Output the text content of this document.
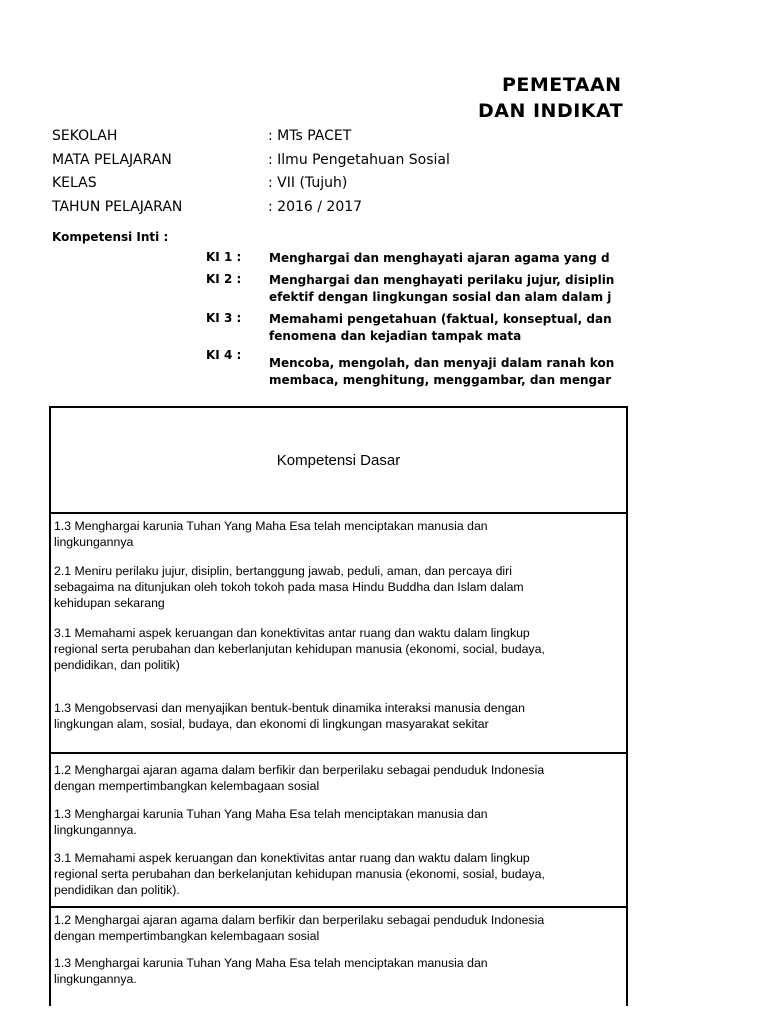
PEMETAAN
DAN INDIKAT
SEKOLAH	: MTs PACET
MATA PELAJARAN	: Ilmu Pengetahuan Sosial
KELAS	: VII (Tujuh)
TAHUN PELAJARAN	: 2016 / 2017
Kompetensi Inti :
KI 1 : Menghargai dan menghayati ajaran agama yang d
KI 2 : Menghargai dan menghayati perilaku jujur, disiplin
efektif dengan lingkungan sosial dan alam dalam j
KI 3 : Memahami pengetahuan (faktual, konseptual, dan
fenomena dan kejadian tampak mata
KI 4 :
Mencoba, mengolah, dan menyaji dalam ranah kon
membaca, menghitung, menggambar, dan mengar
Kompetensi Dasar
1.3 Menghargai karunia Tuhan Yang Maha Esa telah menciptakan manusia dan
lingkungannya
2.1 Meniru perilaku jujur, disiplin, bertanggung jawab, peduli, aman, dan percaya diri
sebagaima na ditunjukan oleh tokoh tokoh pada masa Hindu Buddha dan Islam dalam
kehidupan sekarang
3.1 Memahami aspek keruangan dan konektivitas antar ruang dan waktu dalam lingkup
regional serta perubahan dan keberlanjutan kehidupan manusia (ekonomi, social, budaya,
pendidikan, dan politik)
1.3 Mengobservasi dan menyajikan bentuk-bentuk dinamika interaksi manusia dengan
lingkungan alam, sosial, budaya, dan ekonomi di lingkungan masyarakat sekitar
1.2 Menghargai ajaran agama dalam berfikir dan berperilaku sebagai penduduk Indonesia
dengan mempertimbangkan kelembagaan sosial
1.3 Menghargai karunia Tuhan Yang Maha Esa telah menciptakan manusia dan
lingkungannya.
3.1 Memahami aspek keruangan dan konektivitas antar ruang dan waktu dalam lingkup
regional serta perubahan dan berkelanjutan kehidupan manusia (ekonomi, sosial, budaya,
pendidikan dan politik).
1.2 Menghargai ajaran agama dalam berfikir dan berperilaku sebagai penduduk Indonesia
dengan mempertimbangkan kelembagaan sosial
1.3 Menghargai karunia Tuhan Yang Maha Esa telah menciptakan manusia dan
lingkungannya.
